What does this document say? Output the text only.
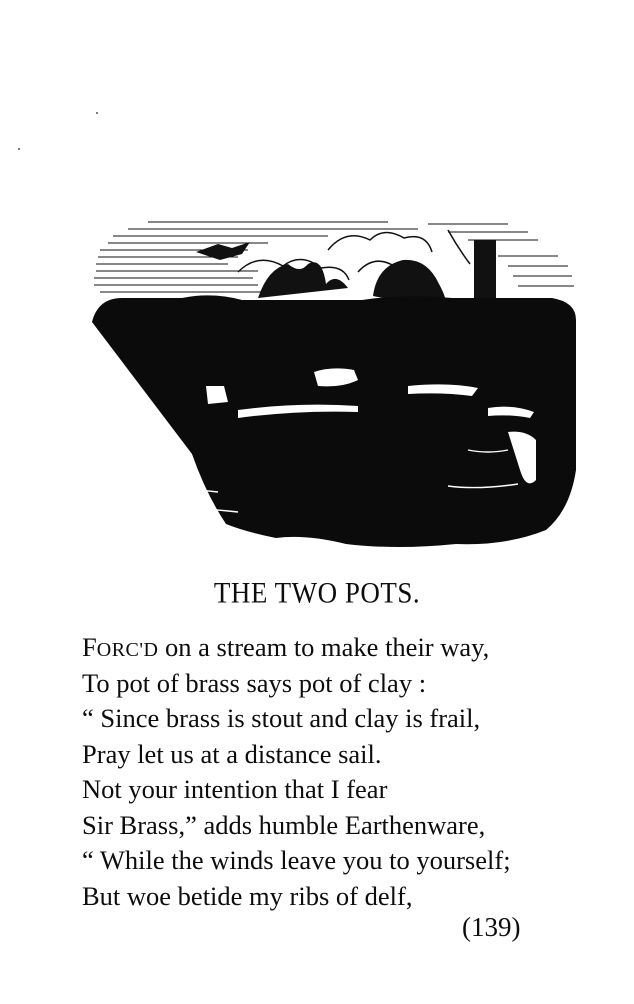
THE TWO POTS.
FORC'D on a stream to make their way,
To pot of brass says pot of clay :
“ Since brass is stout and clay is frail,
Pray let us at a distance sail.
Not your intention that I fear
Sir Brass,” adds humble Earthenware,
“ While the winds leave you to yourself;
But woe betide my ribs of delf,
(139)
